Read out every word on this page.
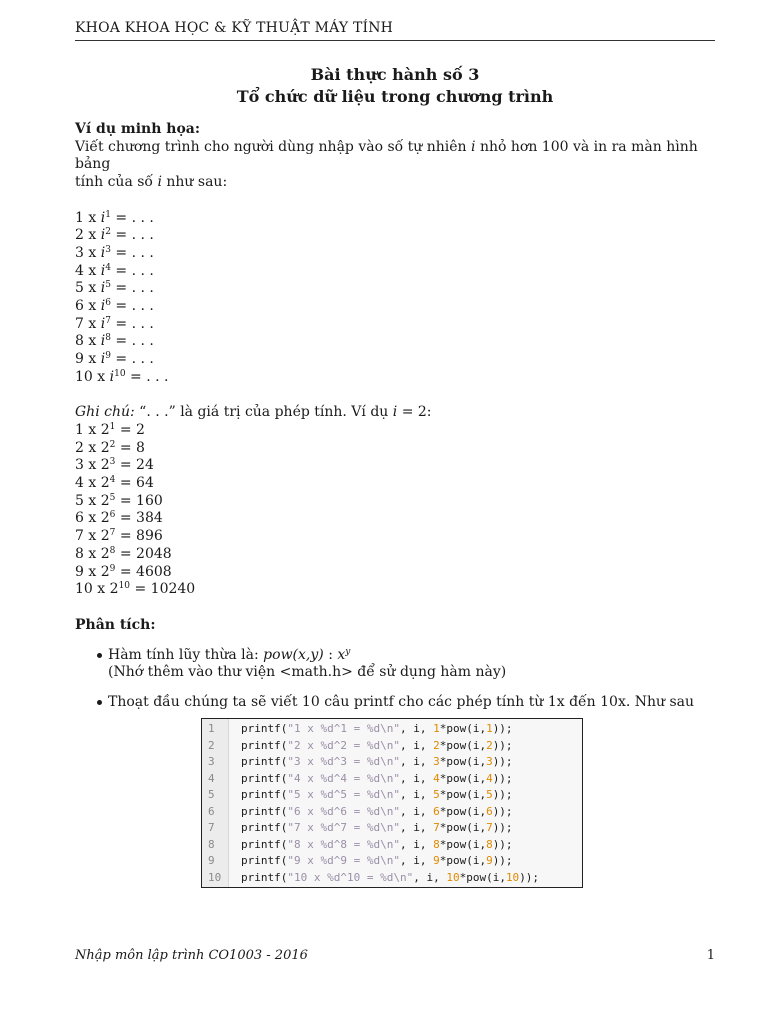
KHOA KHOA HỌC & KỸ THUẬT MÁY TÍNH
Bài thực hành số 3
Tổ chức dữ liệu trong chương trình

Ví dụ minh họa:

Viết chương trình cho người dùng nhập vào số tự nhiên i nhỏ hơn 100 và in ra màn hình bảng

tính của số i như sau:

1 x $i^1$ = . . .

2 x $i^2$ = . . .

3 x $i^3$ = . . .

4 x $i^4$ = . . .

5 x $i^5$ = . . .

6 x $i^6$ = . . .

7 x $i^7$ = . . .

8 x $i^8$ = . . .

9 x $i^9$ = . . .

10 x $i^{10}$ = . . .

Ghi chú: “. . .” là giá trị của phép tính. Ví dụ i = 2:

1 x $2^1 = 2$

2 x $2^2 = 8$

3 x $2^3 = 24$

4 x $2^4 = 64$

5 x $2^5 = 160$

6 x $2^6 = 384$

7 x $2^7 = 896$

8 x $2^8 = 2048$

9 x $2^9 = 4608$

10 x $2^{10} = 10240$

Phân tích:

Hàm tính lũy thừa là: pow(x,y) : $x^y$
(Nhớ thêm vào thư viện <math.h> để sử dụng hàm này)
Thoạt đầu chúng ta sẽ viết 10 câu printf cho các phép tính từ 1x đến 10x. Như sau
1 printf("1 x %d^1 = %d\n", i, 1*pow(i,1));
2 printf("2 x %d^2 = %d\n", i, 2*pow(i,2));
3 printf("3 x %d^3 = %d\n", i, 3*pow(i,3));
4 printf("4 x %d^4 = %d\n", i, 4*pow(i,4));
5 printf("5 x %d^5 = %d\n", i, 5*pow(i,5));
6 printf("6 x %d^6 = %d\n", i, 6*pow(i,6));
7 printf("7 x %d^7 = %d\n", i, 7*pow(i,7));
8 printf("8 x %d^8 = %d\n", i, 8*pow(i,8));
9 printf("9 x %d^9 = %d\n", i, 9*pow(i,9));
10 printf("10 x %d^10 = %d\n", i, 10*pow(i,10));
Nhập môn lập trình CO1003 - 2016	1
